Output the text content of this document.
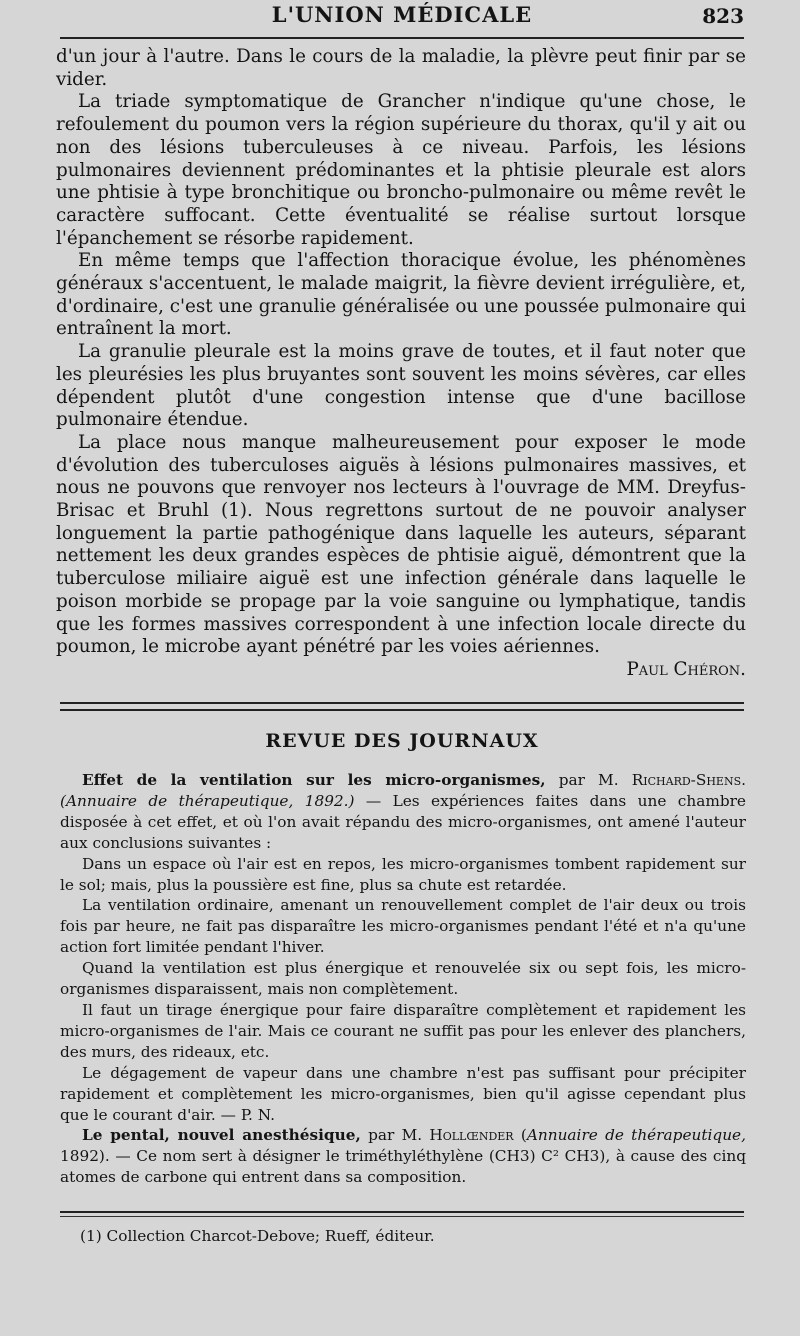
L'UNION MÉDICALE	823

d'un jour à l'autre. Dans le cours de la maladie, la plèvre peut finir par se vider.

La triade symptomatique de Grancher n'indique qu'une chose, le refoulement du poumon vers la région supérieure du thorax, qu'il y ait ou non des lésions tuberculeuses à ce niveau. Parfois, les lésions pulmonaires deviennent prédominantes et la phtisie pleurale est alors une phtisie à type bronchitique ou broncho-pulmonaire ou même revêt le caractère suffocant. Cette éventualité se réalise surtout lorsque l'épanchement se résorbe rapidement.

En même temps que l'affection thoracique évolue, les phénomènes généraux s'accentuent, le malade maigrit, la fièvre devient irrégulière, et, d'ordinaire, c'est une granulie généralisée ou une poussée pulmonaire qui entraînent la mort.

La granulie pleurale est la moins grave de toutes, et il faut noter que les pleurésies les plus bruyantes sont souvent les moins sévères, car elles dépendent plutôt d'une congestion intense que d'une bacillose pulmonaire étendue.

La place nous manque malheureusement pour exposer le mode d'évolution des tuberculoses aiguës à lésions pulmonaires massives, et nous ne pouvons que renvoyer nos lecteurs à l'ouvrage de MM. Dreyfus-Brisac et Bruhl (1). Nous regrettons surtout de ne pouvoir analyser longuement la partie pathogénique dans laquelle les auteurs, séparant nettement les deux grandes espèces de phtisie aiguë, démontrent que la tuberculose miliaire aiguë est une infection générale dans laquelle le poison morbide se propage par la voie sanguine ou lymphatique, tandis que les formes massives correspondent à une infection locale directe du poumon, le microbe ayant pénétré par les voies aériennes.
Paul Chéron.

REVUE DES JOURNAUX

Effet de la ventilation sur les micro-organismes, par M. Richard-Shens. (Annuaire de thérapeutique, 1892.) — Les expériences faites dans une chambre disposée à cet effet, et où l'on avait répandu des micro-organismes, ont amené l'auteur aux conclusions suivantes :

Dans un espace où l'air est en repos, les micro-organismes tombent rapidement sur le sol; mais, plus la poussière est fine, plus sa chute est retardée.

La ventilation ordinaire, amenant un renouvellement complet de l'air deux ou trois fois par heure, ne fait pas disparaître les micro-organismes pendant l'été et n'a qu'une action fort limitée pendant l'hiver.

Quand la ventilation est plus énergique et renouvelée six ou sept fois, les micro-organismes disparaissent, mais non complètement.

Il faut un tirage énergique pour faire disparaître complètement et rapidement les micro-organismes de l'air. Mais ce courant ne suffit pas pour les enlever des planchers, des murs, des rideaux, etc.

Le dégagement de vapeur dans une chambre n'est pas suffisant pour précipiter rapidement et complètement les micro-organismes, bien qu'il agisse cependant plus que le courant d'air. — P. N.

Le pental, nouvel anesthésique, par M. Hollœnder (Annuaire de thérapeutique, 1892). — Ce nom sert à désigner le triméthyléthylène (CH3) C² CH3), à cause des cinq atomes de carbone qui entrent dans sa composition.

(1) Collection Charcot-Debove; Rueff, éditeur.
